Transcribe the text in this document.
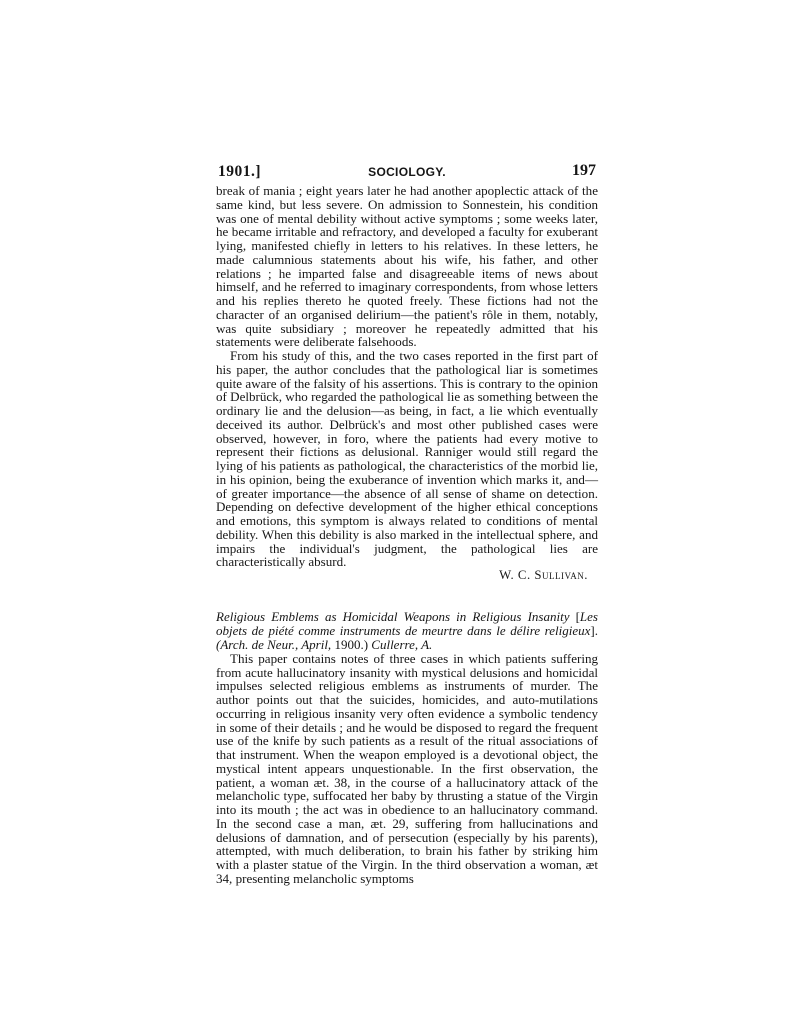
1901.]	SOCIOLOGY.	197

break of mania ; eight years later he had another apoplectic attack of the same kind, but less severe. On admission to Sonnestein, his condition was one of mental debility without active symptoms ; some weeks later, he became irritable and refractory, and developed a faculty for exuberant lying, manifested chiefly in letters to his relatives. In these letters, he made calumnious statements about his wife, his father, and other relations ; he imparted false and disagreeable items of news about himself, and he referred to imaginary correspondents, from whose letters and his replies thereto he quoted freely. These fictions had not the character of an organised delirium—the patient's rôle in them, notably, was quite subsidiary ; moreover he repeatedly admitted that his statements were deliberate falsehoods.

From his study of this, and the two cases reported in the first part of his paper, the author concludes that the pathological liar is sometimes quite aware of the falsity of his assertions. This is contrary to the opinion of Delbrück, who regarded the pathological lie as something between the ordinary lie and the delusion—as being, in fact, a lie which eventually deceived its author. Delbrück's and most other published cases were observed, however, in foro, where the patients had every motive to represent their fictions as delusional. Ranniger would still regard the lying of his patients as pathological, the characteristics of the morbid lie, in his opinion, being the exuberance of invention which marks it, and—of greater importance—the absence of all sense of shame on detection. Depending on defective development of the higher ethical conceptions and emotions, this symptom is always related to conditions of mental debility. When this debility is also marked in the intellectual sphere, and impairs the individual's judgment, the pathological lies are characteristically absurd.

W. C. Sullivan.
Religious Emblems as Homicidal Weapons in Religious Insanity [Les objets de piété comme instruments de meurtre dans le délire religieux]. (Arch. de Neur., April, 1900.) Cullerre, A.

This paper contains notes of three cases in which patients suffering from acute hallucinatory insanity with mystical delusions and homicidal impulses selected religious emblems as instruments of murder. The author points out that the suicides, homicides, and auto-mutilations occurring in religious insanity very often evidence a symbolic tendency in some of their details ; and he would be disposed to regard the frequent use of the knife by such patients as a result of the ritual associations of that instrument. When the weapon employed is a devotional object, the mystical intent appears unquestionable. In the first observation, the patient, a woman æt. 38, in the course of a hallucinatory attack of the melancholic type, suffocated her baby by thrusting a statue of the Virgin into its mouth ; the act was in obedience to an hallucinatory command. In the second case a man, æt. 29, suffering from hallucinations and delusions of damnation, and of persecution (especially by his parents), attempted, with much deliberation, to brain his father by striking him with a plaster statue of the Virgin. In the third observation a woman, æt 34, presenting melancholic symptoms
